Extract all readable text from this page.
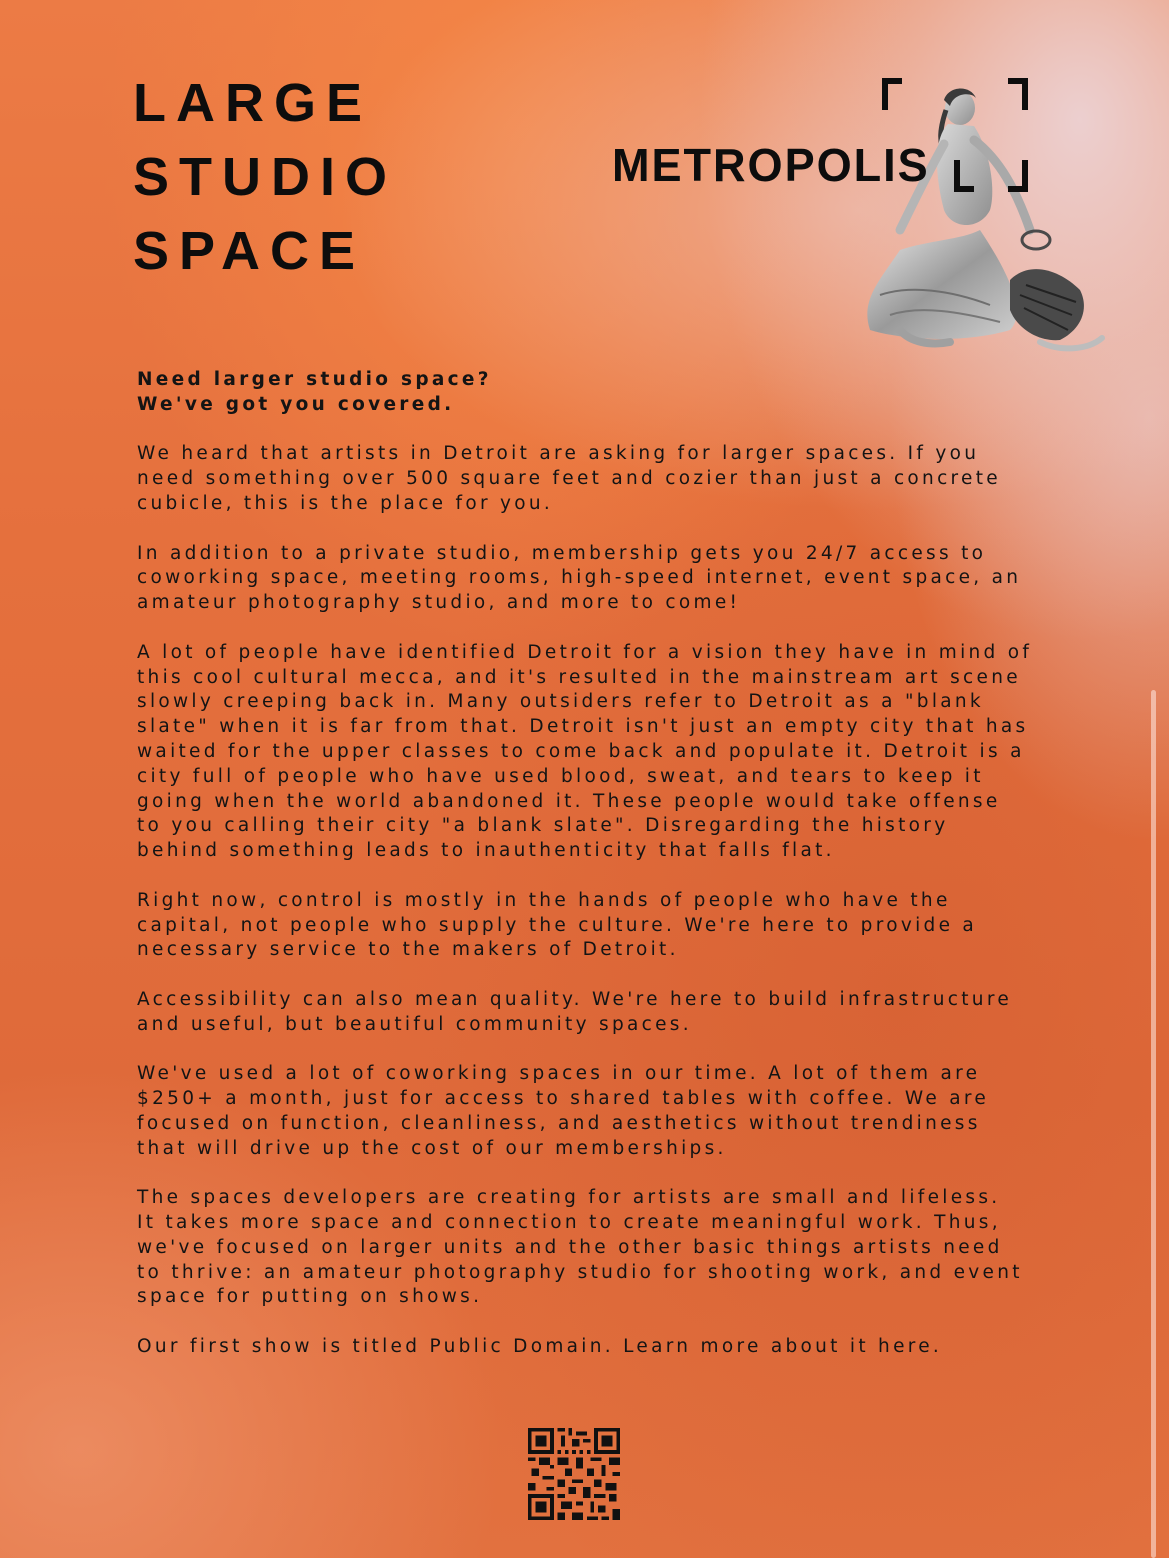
LARGE
STUDIO
SPACE
METROPOLIS
Need larger studio space?
We've got you covered.

We heard that artists in Detroit are asking for larger spaces. If you
need something over 500 square feet and cozier than just a concrete
cubicle, this is the place for you.

In addition to a private studio, membership gets you 24/7 access to
coworking space, meeting rooms, high-speed internet, event space, an
amateur photography studio, and more to come!

A lot of people have identified Detroit for a vision they have in mind of
this cool cultural mecca, and it's resulted in the mainstream art scene
slowly creeping back in. Many outsiders refer to Detroit as a "blank
slate" when it is far from that. Detroit isn't just an empty city that has
waited for the upper classes to come back and populate it. Detroit is a
city full of people who have used blood, sweat, and tears to keep it
going when the world abandoned it. These people would take offense
to you calling their city "a blank slate". Disregarding the history
behind something leads to inauthenticity that falls flat.

Right now, control is mostly in the hands of people who have the
capital, not people who supply the culture. We're here to provide a
necessary service to the makers of Detroit.

Accessibility can also mean quality. We're here to build infrastructure
and useful, but beautiful community spaces.

We've used a lot of coworking spaces in our time. A lot of them are
$250+ a month, just for access to shared tables with coffee. We are
focused on function, cleanliness, and aesthetics without trendiness
that will drive up the cost of our memberships.

The spaces developers are creating for artists are small and lifeless.
It takes more space and connection to create meaningful work. Thus,
we've focused on larger units and the other basic things artists need
to thrive: an amateur photography studio for shooting work, and event
space for putting on shows.

Our first show is titled Public Domain. Learn more about it here.
